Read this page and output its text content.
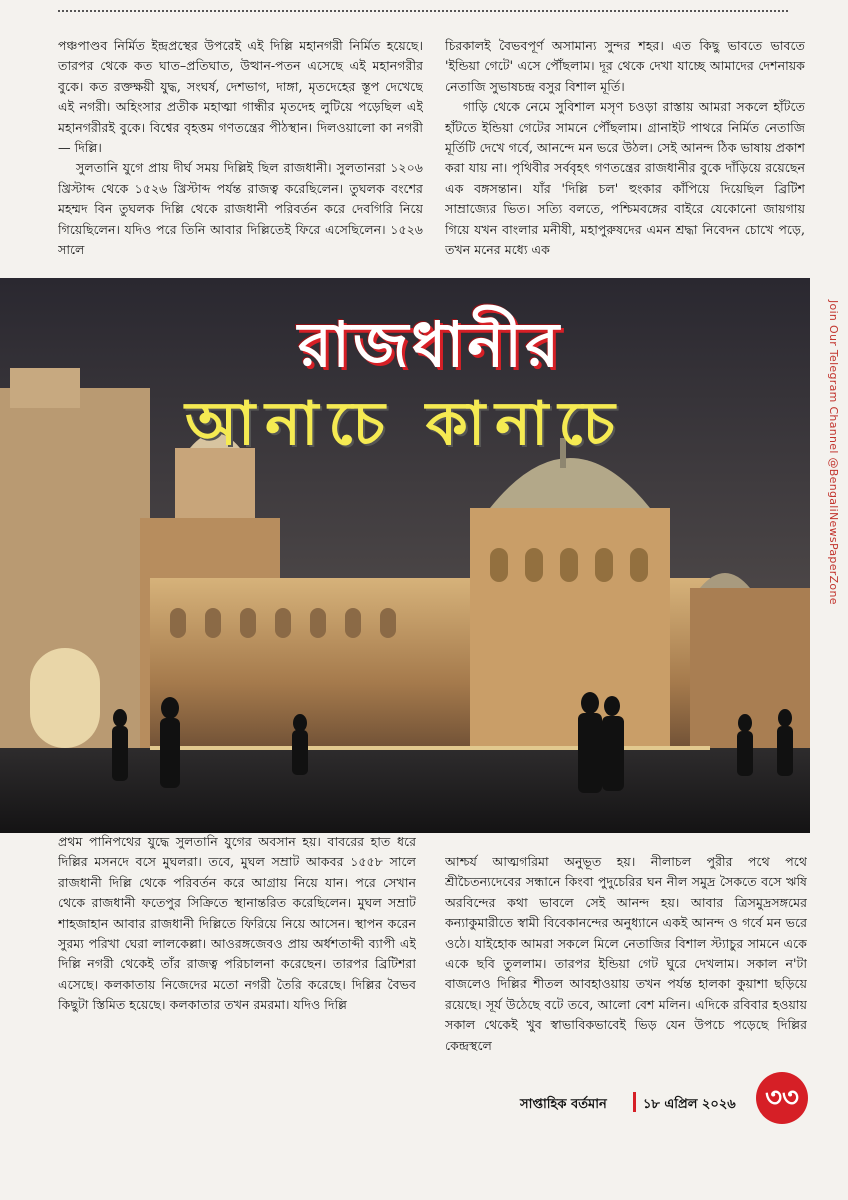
পঞ্চপাণ্ডব নির্মিত ইন্দ্রপ্রস্থের উপরেই এই দিল্লি মহানগরী নির্মিত হয়েছে। তারপর থেকে কত ঘাত–প্রতিঘাত, উত্থান-পতন এসেছে এই মহানগরীর বুকে। কত রক্তক্ষয়ী যুদ্ধ, সংঘর্ষ, দেশভাগ, দাঙ্গা, মৃতদেহের স্তূপ দেখেছে এই নগরী। অহিংসার প্রতীক মহাত্মা গান্ধীর মৃতদেহ লুটিয়ে পড়েছিল এই মহানগরীরই বুকে। বিশ্বের বৃহত্তম গণতন্ত্রের পীঠস্থান। দিলওয়ালো কা নগরী— দিল্লি।

সুলতানি যুগে প্রায় দীর্ঘ সময় দিল্লিই ছিল রাজধানী। সুলতানরা ১২০৬ খ্রিস্টাব্দ থেকে ১৫২৬ খ্রিস্টাব্দ পর্যন্ত রাজত্ব করেছিলেন। তুঘলক বংশের মহম্মদ বিন তুঘলক দিল্লি থেকে রাজধানী পরিবর্তন করে দেবগিরি নিয়ে গিয়েছিলেন। যদিও পরে তিনি আবার দিল্লিতেই ফিরে এসেছিলেন। ১৫২৬ সালে

চিরকালই বৈভবপূর্ণ অসামান্য সুন্দর শহর। এত কিছু ভাবতে ভাবতে 'ইন্ডিয়া গেটে' এসে পৌঁছলাম। দূর থেকে দেখা যাচ্ছে আমাদের দেশনায়ক নেতাজি সুভাষচন্দ্র বসুর বিশাল মূর্তি।

গাড়ি থেকে নেমে সুবিশাল মসৃণ চওড়া রাস্তায় আমরা সকলে হাঁটতে হাঁটতে ইন্ডিয়া গেটের সামনে পৌঁছলাম। গ্রানাইট পাথরে নির্মিত নেতাজি মূর্তিটি দেখে গর্বে, আনন্দে মন ভরে উঠল। সেই আনন্দ ঠিক ভাষায় প্রকাশ করা যায় না। পৃথিবীর সর্ববৃহৎ গণতন্ত্রের রাজধানীর বুকে দাঁড়িয়ে রয়েছেন এক বঙ্গসন্তান। যাঁর 'দিল্লি চল' হুংকার কাঁপিয়ে দিয়েছিল ব্রিটিশ সাম্রাজ্যের ভিত। সত্যি বলতে, পশ্চিমবঙ্গের বাইরে যেকোনো জায়গায় গিয়ে যখন বাংলার মনীষী, মহাপুরুষদের এমন শ্রদ্ধা নিবেদন চোখে পড়ে, তখন মনের মধ্যে এক

রাজধানীর
আনাচে কানাচে	Join Our Telegram Channel @BengaliNewsPaperZone

প্রথম পানিপথের যুদ্ধে সুলতানি যুগের অবসান হয়। বাবরের হাত ধরে দিল্লির মসনদে বসে মুঘলরা। তবে, মুঘল সম্রাট আকবর ১৫৫৮ সালে রাজধানী দিল্লি থেকে পরিবর্তন করে আগ্রায় নিয়ে যান। পরে সেখান থেকে রাজধানী ফতেপুর সিক্রিতে স্থানান্তরিত করেছিলেন। মুঘল সম্রাট শাহজাহান আবার রাজধানী দিল্লিতে ফিরিয়ে নিয়ে আসেন। স্থাপন করেন সুরম্য পরিখা ঘেরা লালকেল্লা। আওরঙ্গজেবও প্রায় অর্ধশতাব্দী ব্যাপী এই দিল্লি নগরী থেকেই তাঁর রাজত্ব পরিচালনা করেছেন। তারপর ব্রিটিশরা এসেছে। কলকাতায় নিজেদের মতো নগরী তৈরি করেছে। দিল্লির বৈভব কিছুটা স্তিমিত হয়েছে। কলকাতার তখন রমরমা। যদিও দিল্লি

আশ্চর্য আত্মগরিমা অনুভূত হয়। নীলাচল পুরীর পথে পথে শ্রীচৈতন্যদেবের সন্ধানে কিংবা পুদুচেরির ঘন নীল সমুদ্র সৈকতে বসে ঋষি অরবিন্দের কথা ভাবলে সেই আনন্দ হয়। আবার ত্রিসমুদ্রসঙ্গমের কন্যাকুমারীতে স্বামী বিবেকানন্দের অনুধ্যানে একই আনন্দ ও গর্বে মন ভরে ওঠে। যাইহোক আমরা সকলে মিলে নেতাজির বিশাল স্ট্যাচুর সামনে একে একে ছবি তুললাম। তারপর ইন্ডিয়া গেট ঘুরে দেখলাম। সকাল ন'টা বাজলেও দিল্লির শীতল আবহাওয়ায় তখন পর্যন্ত হালকা কুয়াশা ছড়িয়ে রয়েছে। সূর্য উঠেছে বটে তবে, আলো বেশ মলিন। এদিকে রবিবার হওয়ায় সকাল থেকেই খুব স্বাভাবিকভাবেই ভিড় যেন উপচে পড়েছে দিল্লির কেন্দ্রস্থলে

সাপ্তাহিক বর্তমান	১৮ এপ্রিল ২০২৬	৩৩
